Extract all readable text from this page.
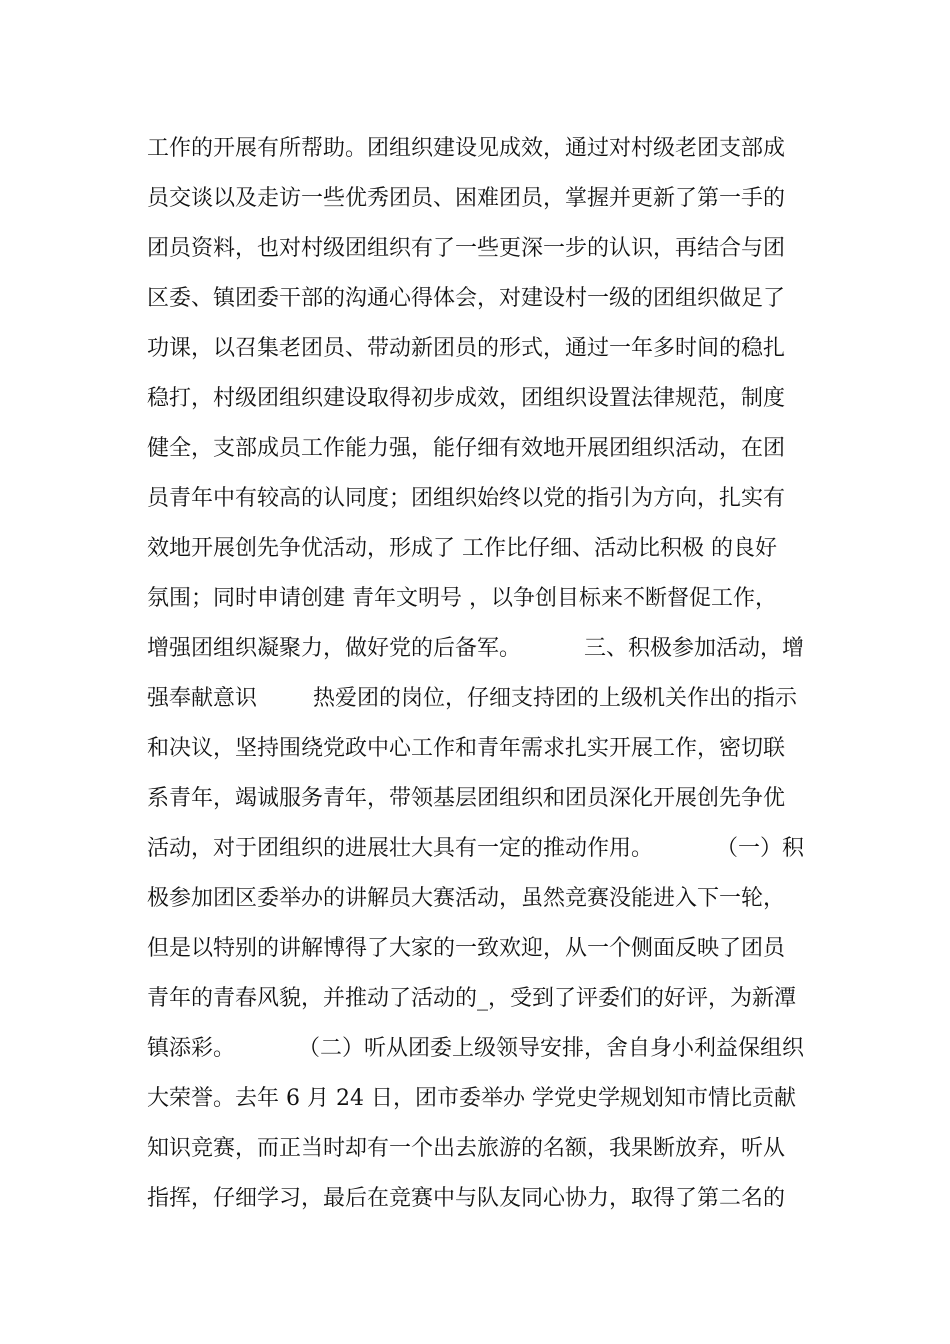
工作的开展有所帮助。团组织建设见成效，通过对村级老团支部成
员交谈以及走访一些优秀团员、困难团员，掌握并更新了第一手的
团员资料，也对村级团组织有了一些更深一步的认识，再结合与团
区委、镇团委干部的沟通心得体会，对建设村一级的团组织做足了
功课，以召集老团员、带动新团员的形式，通过一年多时间的稳扎
稳打，村级团组织建设取得初步成效，团组织设置法律规范，制度
健全，支部成员工作能力强，能仔细有效地开展团组织活动，在团
员青年中有较高的认同度；团组织始终以党的指引为方向，扎实有
效地开展创先争优活动，形成了 工作比仔细、活动比积极 的良好
氛围；同时申请创建 青年文明号 ，以争创目标来不断督促工作，
增强团组织凝聚力，做好党的后备军。         三、积极参加活动，增
强奉献意识        热爱团的岗位，仔细支持团的上级机关作出的指示
和决议，坚持围绕党政中心工作和青年需求扎实开展工作，密切联
系青年，竭诚服务青年，带领基层团组织和团员深化开展创先争优
活动，对于团组织的进展壮大具有一定的推动作用。         （一）积
极参加团区委举办的讲解员大赛活动，虽然竞赛没能进入下一轮，
但是以特别的讲解博得了大家的一致欢迎，从一个侧面反映了团员
青年的青春风貌，并推动了活动的_，受到了评委们的好评，为新潭
镇添彩。         （二）听从团委上级领导安排，舍自身小利益保组织
大荣誉。去年 6 月 24 日，团市委举办 学党史学规划知市情比贡献
知识竞赛，而正当时却有一个出去旅游的名额，我果断放弃，听从
指挥，仔细学习，最后在竞赛中与队友同心协力，取得了第二名的
